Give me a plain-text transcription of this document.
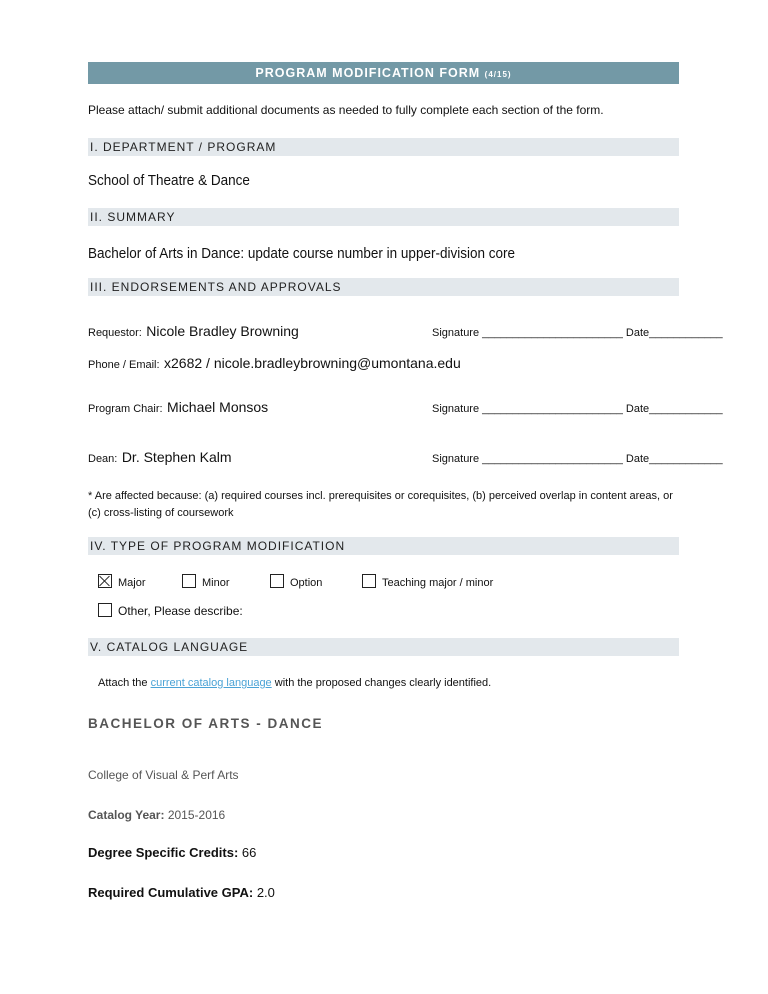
PROGRAM MODIFICATION FORM (4/15)
Please attach/ submit additional documents as needed to fully complete each section of the form.
I. DEPARTMENT / PROGRAM
School of Theatre & Dance
II. SUMMARY
Bachelor of Arts in Dance: update course number in upper-division core
III. ENDORSEMENTS AND APPROVALS
Requestor: Nicole Bradley Browning	Signature _______________________ Date____________
Phone / Email: x2682 / nicole.bradleybrowning@umontana.edu
Program Chair: Michael Monsos	Signature _______________________ Date____________
Dean: Dr. Stephen Kalm	Signature _______________________ Date____________
* Are affected because: (a) required courses incl. prerequisites or corequisites, (b) perceived overlap in content areas, or (c) cross-listing of coursework
IV. TYPE OF PROGRAM MODIFICATION
Major	Minor	Option	Teaching major / minor
Other, Please describe:
V. CATALOG LANGUAGE
Attach the current catalog language with the proposed changes clearly identified.
BACHELOR OF ARTS - DANCE
College of Visual & Perf Arts
Catalog Year: 2015-2016
Degree Specific Credits: 66
Required Cumulative GPA: 2.0
